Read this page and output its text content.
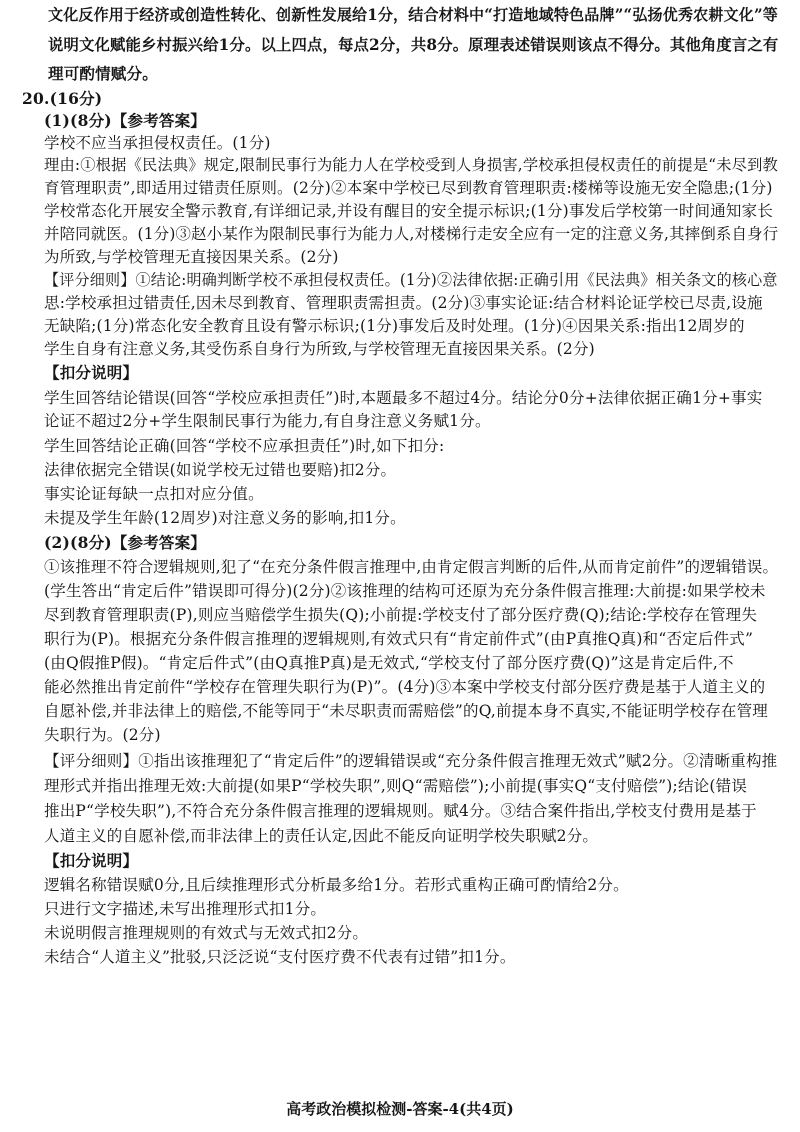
文化反作用于经济或创造性转化、创新性发展给1分，结合材料中“打造地域特色品牌”“弘扬优秀农耕文化”等
说明文化赋能乡村振兴给1分。以上四点，每点2分，共8分。原理表述错误则该点不得分。其他角度言之有
理可酌情赋分。
20.(16分)
(1)(8分)【参考答案】
学校不应当承担侵权责任。(1分)
理由:①根据《民法典》规定,限制民事行为能力人在学校受到人身损害,学校承担侵权责任的前提是“未尽到教
育管理职责”,即适用过错责任原则。(2分)②本案中学校已尽到教育管理职责:楼梯等设施无安全隐患;(1分)
学校常态化开展安全警示教育,有详细记录,并设有醒目的安全提示标识;(1分)事发后学校第一时间通知家长
并陪同就医。(1分)③赵小某作为限制民事行为能力人,对楼梯行走安全应有一定的注意义务,其摔倒系自身行
为所致,与学校管理无直接因果关系。(2分)
【评分细则】①结论:明确判断学校不承担侵权责任。(1分)②法律依据:正确引用《民法典》相关条文的核心意
思:学校承担过错责任,因未尽到教育、管理职责需担责。(2分)③事实论证:结合材料论证学校已尽责,设施
无缺陷;(1分)常态化安全教育且设有警示标识;(1分)事发后及时处理。(1分)④因果关系:指出12周岁的
学生自身有注意义务,其受伤系自身行为所致,与学校管理无直接因果关系。(2分)
【扣分说明】
学生回答结论错误(回答“学校应承担责任”)时,本题最多不超过4分。结论分0分+法律依据正确1分+事实
论证不超过2分+学生限制民事行为能力,有自身注意义务赋1分。
学生回答结论正确(回答“学校不应承担责任”)时,如下扣分:
法律依据完全错误(如说学校无过错也要赔)扣2分。
事实论证每缺一点扣对应分值。
未提及学生年龄(12周岁)对注意义务的影响,扣1分。
(2)(8分)【参考答案】
①该推理不符合逻辑规则,犯了“在充分条件假言推理中,由肯定假言判断的后件,从而肯定前件”的逻辑错误。
(学生答出“肯定后件”错误即可得分)(2分)②该推理的结构可还原为充分条件假言推理:大前提:如果学校未
尽到教育管理职责(P),则应当赔偿学生损失(Q);小前提:学校支付了部分医疗费(Q);结论:学校存在管理失
职行为(P)。根据充分条件假言推理的逻辑规则,有效式只有“肯定前件式”(由P真推Q真)和“否定后件式”
(由Q假推P假)。“肯定后件式”(由Q真推P真)是无效式,“学校支付了部分医疗费(Q)”这是肯定后件,不
能必然推出肯定前件“学校存在管理失职行为(P)”。(4分)③本案中学校支付部分医疗费是基于人道主义的
自愿补偿,并非法律上的赔偿,不能等同于“未尽职责而需赔偿”的Q,前提本身不真实,不能证明学校存在管理
失职行为。(2分)
【评分细则】①指出该推理犯了“肯定后件”的逻辑错误或“充分条件假言推理无效式”赋2分。②清晰重构推
理形式并指出推理无效:大前提(如果P“学校失职”,则Q“需赔偿”);小前提(事实Q“支付赔偿”);结论(错误
推出P“学校失职”),不符合充分条件假言推理的逻辑规则。赋4分。③结合案件指出,学校支付费用是基于
人道主义的自愿补偿,而非法律上的责任认定,因此不能反向证明学校失职赋2分。
【扣分说明】
逻辑名称错误赋0分,且后续推理形式分析最多给1分。若形式重构正确可酌情给2分。
只进行文字描述,未写出推理形式扣1分。
未说明假言推理规则的有效式与无效式扣2分。
未结合“人道主义”批驳,只泛泛说“支付医疗费不代表有过错”扣1分。
高考政治模拟检测-答案-4(共4页)
